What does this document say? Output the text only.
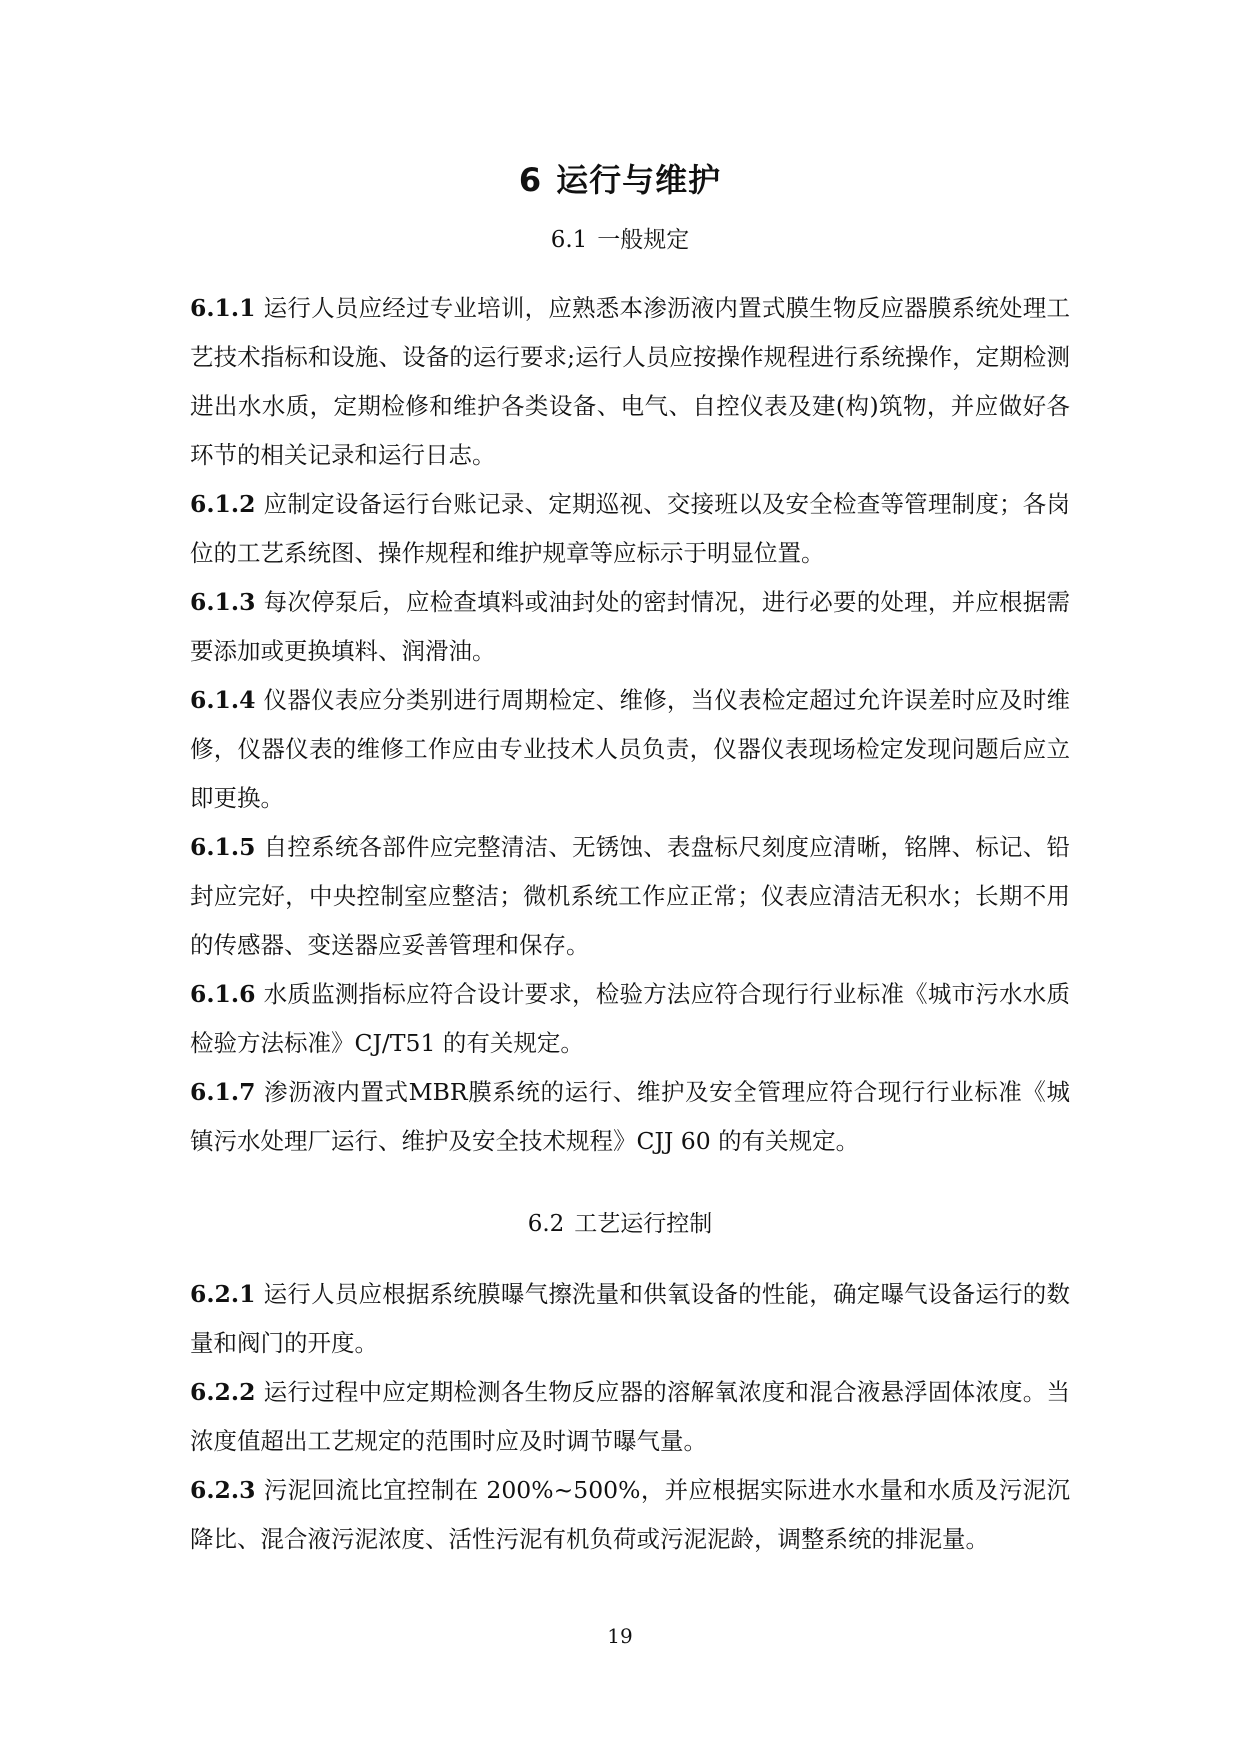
6 运行与维护
6.1 一般规定

6.1.1 运行人员应经过专业培训，应熟悉本渗沥液内置式膜生物反应器膜系统处理工艺技术指标和设施、设备的运行要求;运行人员应按操作规程进行系统操作，定期检测进出水水质，定期检修和维护各类设备、电气、自控仪表及建(构)筑物，并应做好各环节的相关记录和运行日志。

6.1.2 应制定设备运行台账记录、定期巡视、交接班以及安全检查等管理制度；各岗位的工艺系统图、操作规程和维护规章等应标示于明显位置。

6.1.3 每次停泵后，应检查填料或油封处的密封情况，进行必要的处理，并应根据需要添加或更换填料、润滑油。

6.1.4 仪器仪表应分类别进行周期检定、维修，当仪表检定超过允许误差时应及时维修，仪器仪表的维修工作应由专业技术人员负责，仪器仪表现场检定发现问题后应立即更换。

6.1.5 自控系统各部件应完整清洁、无锈蚀、表盘标尺刻度应清晰，铭牌、标记、铅封应完好，中央控制室应整洁；微机系统工作应正常；仪表应清洁无积水；长期不用的传感器、变送器应妥善管理和保存。

6.1.6 水质监测指标应符合设计要求，检验方法应符合现行行业标准《城市污水水质检验方法标准》CJ/T51 的有关规定。

6.1.7 渗沥液内置式MBR膜系统的运行、维护及安全管理应符合现行行业标准《城镇污水处理厂运行、维护及安全技术规程》CJJ 60 的有关规定。

6.2 工艺运行控制

6.2.1 运行人员应根据系统膜曝气擦洗量和供氧设备的性能，确定曝气设备运行的数量和阀门的开度。

6.2.2 运行过程中应定期检测各生物反应器的溶解氧浓度和混合液悬浮固体浓度。当浓度值超出工艺规定的范围时应及时调节曝气量。

6.2.3 污泥回流比宜控制在 200%~500%，并应根据实际进水水量和水质及污泥沉降比、混合液污泥浓度、活性污泥有机负荷或污泥泥龄，调整系统的排泥量。

19
